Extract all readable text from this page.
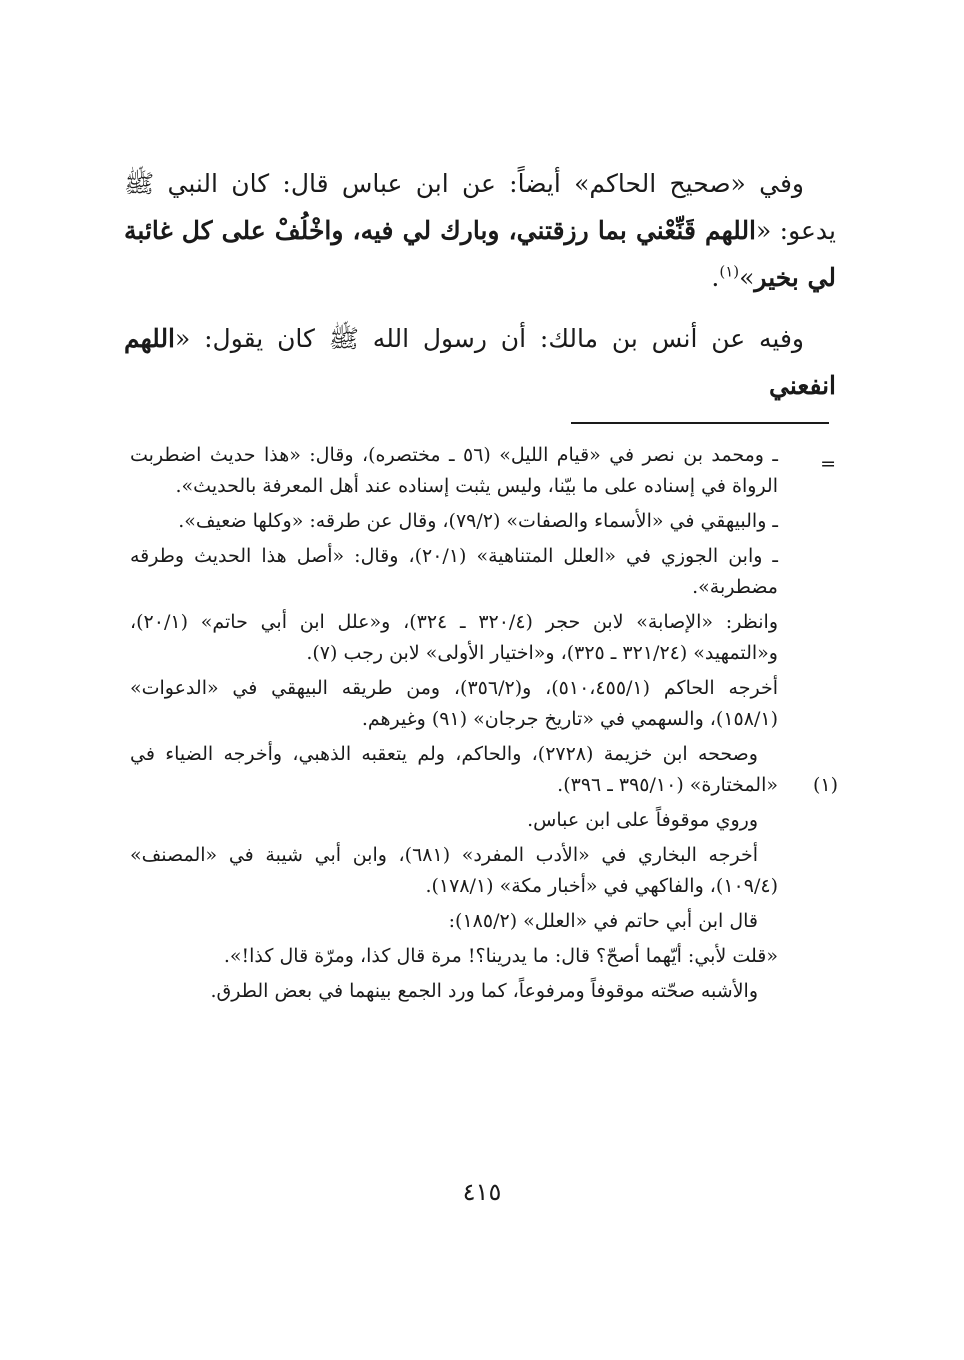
وفي «صحيح الحاكم» أيضاً: عن ابن عباس قال: كان النبي ﷺ يدعو: «اللهم قَنِّعْني بما رزقتني، وبارك لي فيه، واخْلُفْ على كل غائبة لي بخير»$^{(١)}$.

وفيه عن أنس بن مالك: أن رسول الله ﷺ كان يقول: «اللهم انفعني

=

ـ ومحمد بن نصر في «قيام الليل» (٥٦ ـ مختصره)، وقال: «هذا حديث اضطربت الرواة في إسناده على ما بيّنا، وليس يثبت إسناده عند أهل المعرفة بالحديث».

ـ والبيهقي في «الأسماء والصفات» (٧٩/٢)، وقال عن طرقه: «وكلها ضعيف».

ـ وابن الجوزي في «العلل المتناهية» (٢٠/١)، وقال: «أصل هذا الحديث وطرقه مضطربة».

وانظر: «الإصابة» لابن حجر (٣٢٠/٤ ـ ٣٢٤)، و«علل ابن أبي حاتم» (٢٠/١)، و«التمهيد» (٣٢١/٢٤ ـ ٣٢٥)، و«اختيار الأولى» لابن رجب (٧).

أخرجه الحاكم (٥١٠،٤٥٥/١)، و(٣٥٦/٢)، ومن طريقه البيهقي في «الدعوات» (١٥٨/١)، والسهمي في «تاريخ جرجان» (٩١) وغيرهم.

وصححه ابن خزيمة (٢٧٢٨)، والحاكم، ولم يتعقبه الذهبي، وأخرجه الضياء في «المختارة» (٣٩٥/١٠ ـ ٣٩٦).

وروي موقوفاً على ابن عباس.

أخرجه البخاري في «الأدب المفرد» (٦٨١)، وابن أبي شيبة في «المصنف» (١٠٩/٤)، والفاكهي في «أخبار مكة» (١٧٨/١).

قال ابن أبي حاتم في «العلل» (١٨٥/٢):

«قلت لأبي: أيّهما أصحّ؟ قال: ما يدرينا؟! مرة قال كذا، ومرّة قال كذا!».

والأشبه صحّته موقوفاً ومرفوعاً، كما ورد الجمع بينهما في بعض الطرق.

(١)
٤١٥
